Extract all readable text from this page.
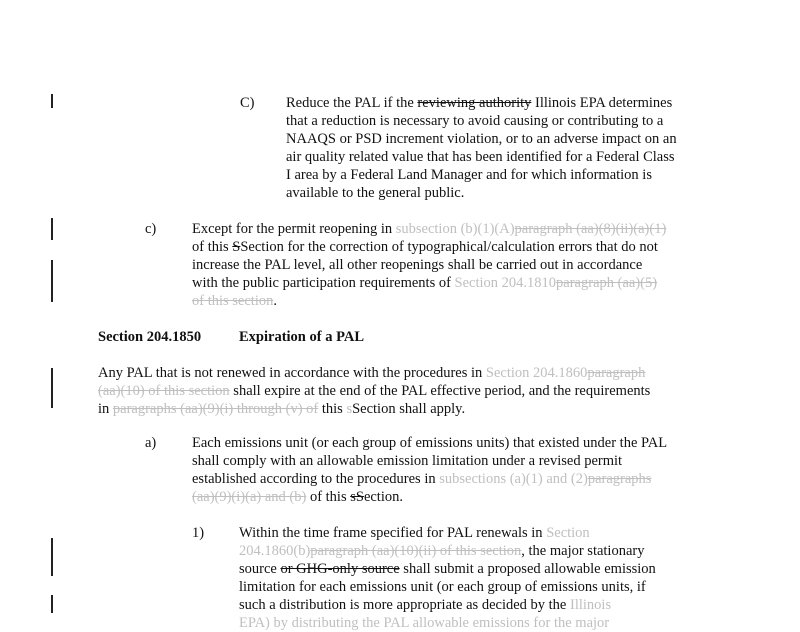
C) Reduce the PAL if the reviewing authority Illinois EPA determines
that a reduction is necessary to avoid causing or contributing to a
NAAQS or PSD increment violation, or to an adverse impact on an
air quality related value that has been identified for a Federal Class
I area by a Federal Land Manager and for which information is
available to the general public.
c) Except for the permit reopening in subsection (b)(1)(A)paragraph (aa)(8)(ii)(a)(1)
of this SSection for the correction of typographical/calculation errors that do not
increase the PAL level, all other reopenings shall be carried out in accordance
with the public participation requirements of Section 204.1810paragraph (aa)(5)
of this section.
Section 204.1850	Expiration of a PAL
Any PAL that is not renewed in accordance with the procedures in Section 204.1860paragraph
(aa)(10) of this section shall expire at the end of the PAL effective period, and the requirements
in paragraphs (aa)(9)(i) through (v) of this sSection shall apply.
a) Each emissions unit (or each group of emissions units) that existed under the PAL
shall comply with an allowable emission limitation under a revised permit
established according to the procedures in subsections (a)(1) and (2)paragraphs
(aa)(9)(i)(a) and (b) of this sSection.
1) Within the time frame specified for PAL renewals in Section
204.1860(b)paragraph (aa)(10)(ii) of this section, the major stationary
source or GHG-only source shall submit a proposed allowable emission
limitation for each emissions unit (or each group of emissions units, if
such a distribution is more appropriate as decided by the Illinois
EPA) by distributing the PAL allowable emissions for the major
